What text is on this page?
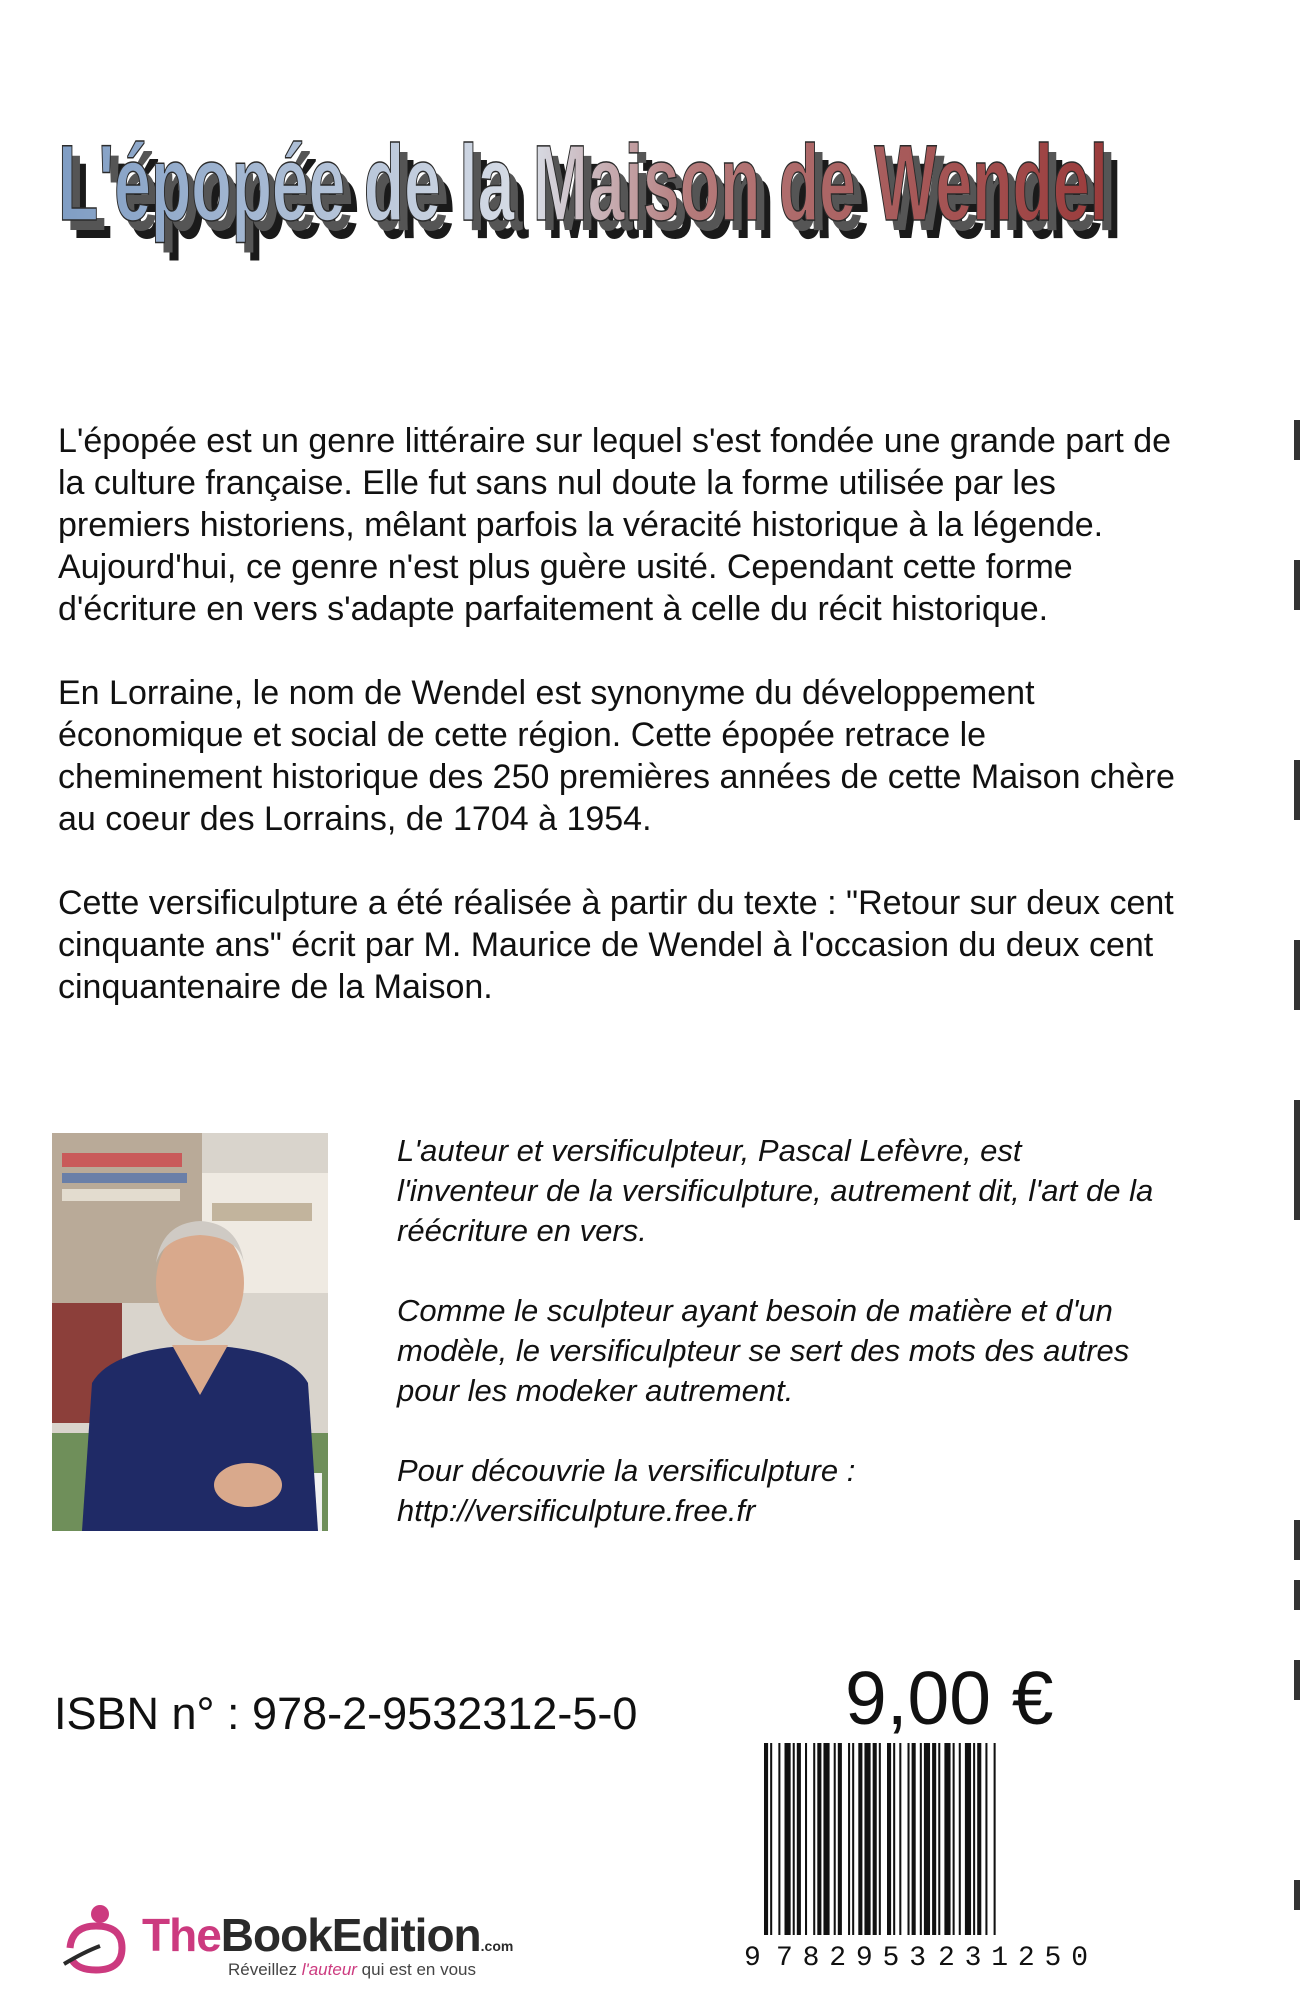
L'épopée de la Maison de Wendel
L'épopée de la Maison de Wendel
L'épopée de la Maison de Wendel

L'épopée est un genre littéraire sur lequel s'est fondée une grande part de la culture française. Elle fut sans nul doute la forme utilisée par les premiers historiens, mêlant parfois la véracité historique à la légende. Aujourd'hui, ce genre n'est plus guère usité. Cependant cette forme d'écriture en vers s'adapte parfaitement à celle du récit historique.

En Lorraine, le nom de Wendel est synonyme du développement économique et social de cette région. Cette épopée retrace le cheminement historique des 250 premières années de cette Maison chère au coeur des Lorrains, de 1704 à 1954.

Cette versificulpture a été réalisée à partir du texte : "Retour sur deux cent cinquante ans" écrit par M. Maurice de Wendel à l'occasion du deux cent cinquantenaire de la Maison.

L'auteur et versificulpteur, Pascal Lefèvre, est l'inventeur de la versificulpture, autrement dit, l'art de la réécriture en vers.

Comme le sculpteur ayant besoin de matière et d'un modèle, le versificulpteur se sert des mots des autres pour les modeker autrement.

Pour découvrie la versificulpture :
http://versificulpture.free.fr

ISBN n° : 978-2-9532312-5-0	9,00 €
9 782953 231250
TheBookEdition.com
Réveillez l'auteur qui est en vous
